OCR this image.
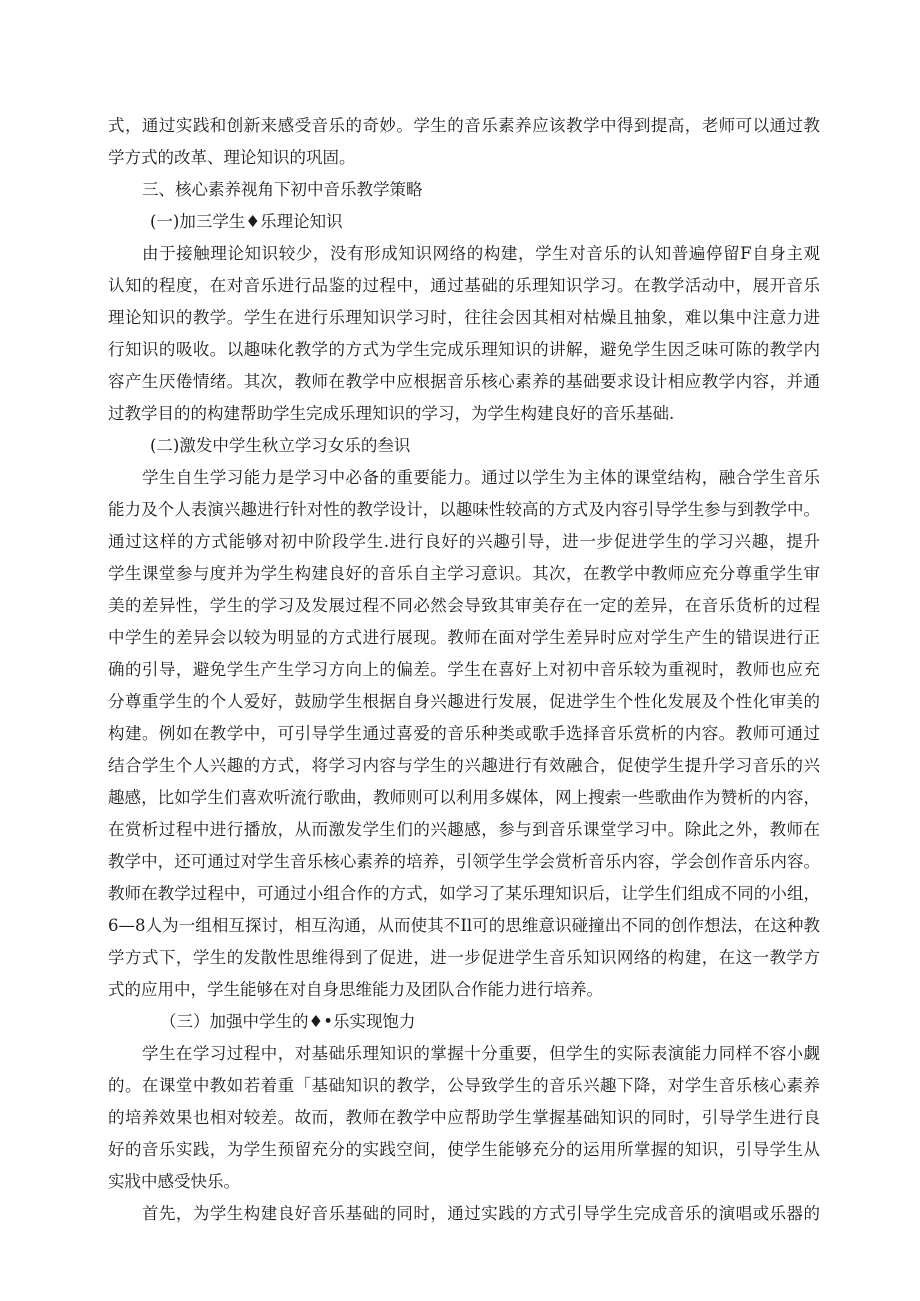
式，通过实践和创新来感受音乐的奇妙。学生的音乐素养应该教学中得到提高，老师可以通过教
学方式的改革、理论知识的巩固。
三、核心素养视角下初中音乐教学策略
(一)加三学生♦乐理论知识
由于接触理论知识较少，没有形成知识网络的构建，学生对音乐的认知普遍停留F自身主观
认知的程度，在对音乐进行品鉴的过程中，通过基础的乐理知识学习。在教学活动中，展开音乐
理论知识的教学。学生在进行乐理知识学习时，往往会因其相对枯燥且抽象，难以集中注意力进
行知识的吸收。以趣味化教学的方式为学生完成乐理知识的讲解，避免学生因乏味可陈的教学内
容产生厌倦情绪。其次，教师在教学中应根据音乐核心素养的基础要求设计相应教学内容，并通
过教学目的的构建帮助学生完成乐理知识的学习，为学生构建良好的音乐基础.
(二)激发中学生秋立学习女乐的叁识
学生自生学习能力是学习中必备的重要能力。通过以学生为主体的课堂结构，融合学生音乐
能力及个人表演兴趣进行针对性的教学设计，以趣味性较高的方式及内容引导学生参与到教学中。
通过这样的方式能够对初中阶段学生.进行良好的兴趣引导，进一步促进学生的学习兴趣，提升
学生课堂参与度并为学生构建良好的音乐自主学习意识。其次，在教学中教师应充分尊重学生审
美的差异性，学生的学习及发展过程不同必然会导致其审美存在一定的差异，在音乐货析的过程
中学生的差异会以较为明显的方式进行展现。教师在面对学生差异时应对学生产生的错误进行正
确的引导，避免学生产生学习方向上的偏差。学生在喜好上对初中音乐较为重视时，教师也应充
分尊重学生的个人爱好，鼓励学生根据自身兴趣进行发展，促进学生个性化发展及个性化审美的
构建。例如在教学中，可引导学生通过喜爱的音乐种类或歌手选择音乐赏析的内容。教师可通过
结合学生个人兴趣的方式，将学习内容与学生的兴趣进行有效融合，促使学生提升学习音乐的兴
趣感，比如学生们喜欢听流行歌曲，教师则可以利用多媒体，网上搜索一些歌曲作为赞析的内容，
在赏析过程中进行播放，从而激发学生们的兴趣感，参与到音乐课堂学习中。除此之外，教师在
教学中，还可通过对学生音乐核心素养的培养，引领学生学会赏析音乐内容，学会创作音乐内容。
教师在教学过程中，可通过小组合作的方式，如学习了某乐理知识后，让学生们组成不同的小组，
6—8人为一组相互探讨，相互沟通，从而使其不Il可的思维意识碰撞出不同的创作想法，在这种教
学方式下，学生的发散性思维得到了促进，进一步促进学生音乐知识网络的构建，在这一教学方
式的应用中，学生能够在对自身思维能力及团队合作能力进行培养。
（三）加强中学生的♦•乐实现饱力
学生在学习过程中，对基础乐理知识的掌握十分重要，但学生的实际表演能力同样不容小觑
的。在课堂中教如若着重「基础知识的教学，公导致学生的音乐兴趣下降，对学生音乐核心素养
的培养效果也相对较差。故而，教师在教学中应帮助学生掌握基础知识的同时，引导学生进行良
好的音乐实践，为学生预留充分的实践空间，使学生能够充分的运用所掌握的知识，引导学生从
实戕中感受快乐。
首先，为学生构建良好音乐基础的同时，通过实践的方式引导学生完成音乐的演唱或乐器的
